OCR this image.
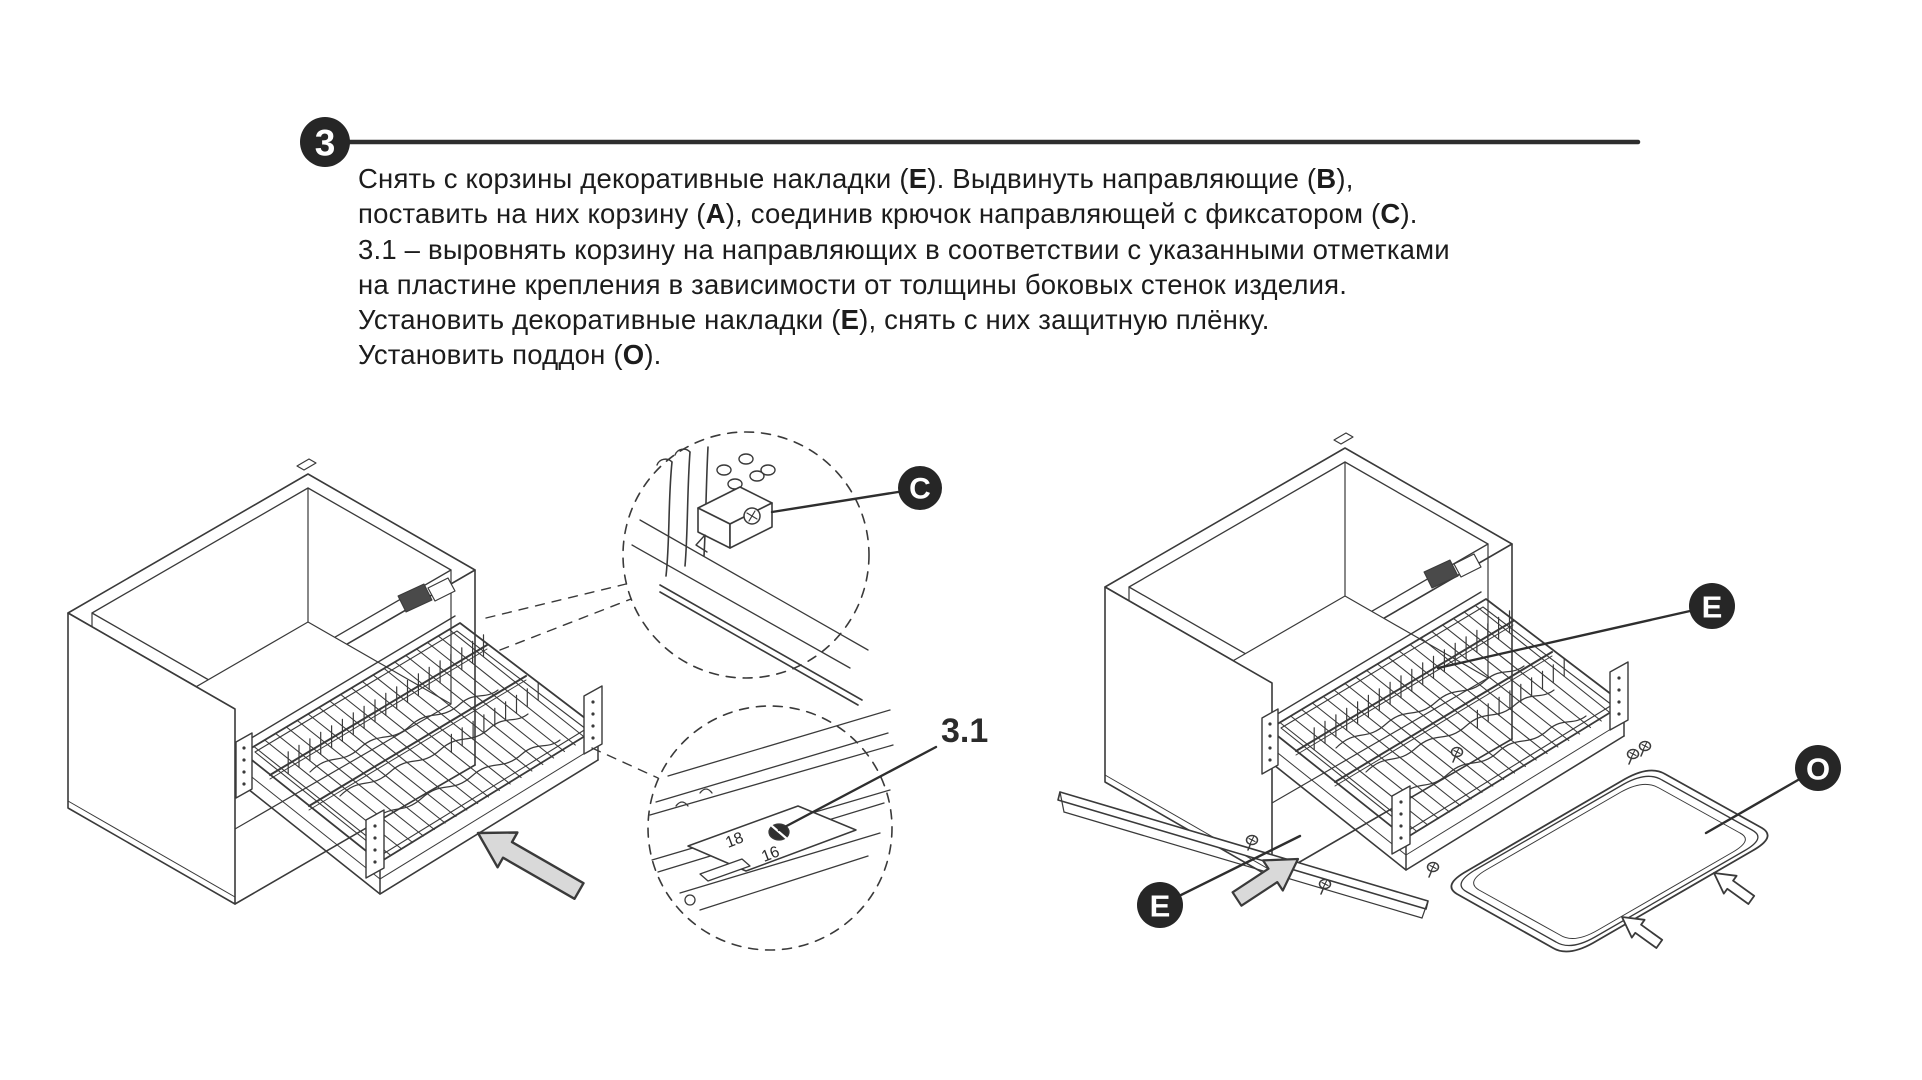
3
C
18
16
3.1
E
O
E
Снять с корзины декоративные накладки (E). Выдвинуть направляющие (B),
поставить на них корзину (A), соединив крючок направляющей с фиксатором (C).
3.1 – выровнять корзину на направляющих в соответствии с указанными отметками
на пластине крепления в зависимости от толщины боковых стенок изделия.
Установить декоративные накладки (E), снять с них защитную плёнку.
Установить поддон (O).
